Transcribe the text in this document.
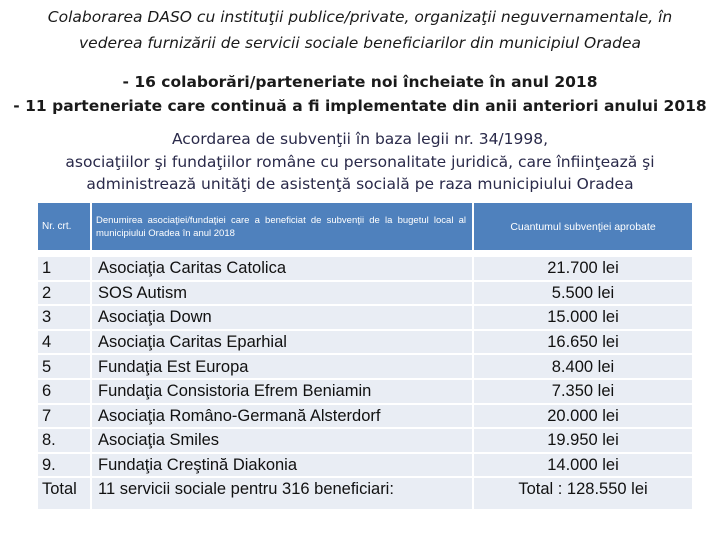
Colaborarea DASO cu instituţii publice/private, organizaţii neguvernamentale, în
vederea furnizării de servicii sociale beneficiarilor din municipiul Oradea
- 16 colaborări/parteneriate noi încheiate în anul 2018
- 11 parteneriate care continuă a fi implementate din anii anteriori anului 2018
Acordarea de subvenţii în baza legii nr. 34/1998,
asociaţiilor şi fundaţiilor române cu personalitate juridică, care înfiinţează şi
administrează unităţi de asistenţă socială pe raza municipiului Oradea
Nr. crt.	Denumirea asociaţiei/fundaţiei care a beneficiat de subvenţii de la bugetul local al municipiului Oradea în anul 2018	Cuantumul subvenţiei aprobate

1	Asociaţia Caritas Catolica	21.700 lei
2	SOS Autism	5.500 lei
3	Asociaţia Down	15.000 lei
4	Asociaţia Caritas Eparhial	16.650 lei
5	Fundaţia Est Europa	8.400 lei
6	Fundaţia Consistoria Efrem Beniamin	7.350 lei
7	Asociaţia Româno-Germană Alsterdorf	20.000 lei
8.	Asociaţia Smiles	19.950 lei
9.	Fundaţia Creştină Diakonia	14.000 lei
Total	11 servicii sociale pentru 316 beneficiari:	Total : 128.550 lei
